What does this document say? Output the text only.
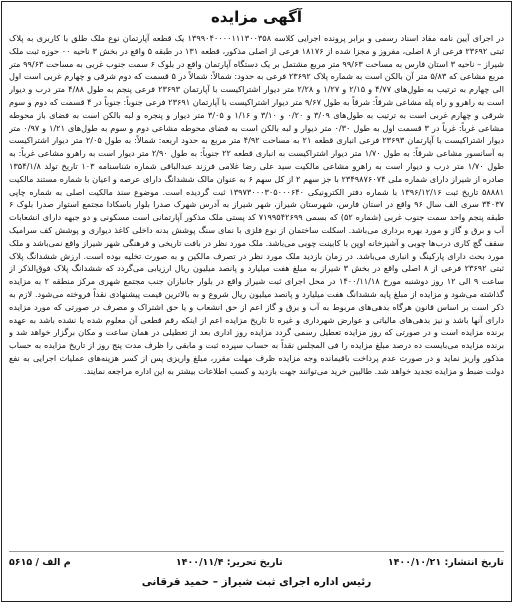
آگهی مزایده
در اجرای آیین نامه مفاد اسناد رسمی و برابر پرونده اجرایی کلاسه ۱۳۹۹۰۴۰۰۰۰۱۱۱۳۰۰۳۵۸ یک قطعه آپارتمان نوع ملک طلق با کاربری به پلاک ثبتی ۲۳۶۹۲ فرعی از ۸ اصلی، مفروز و مجزا شده از ۱۸۱۷۶ فرعی از اصلی مذکور، قطعه ۱۳۱ در طبقه ۵ واقع در بخش ۳ ناحیه ۰۰ حوزه ثبت ملک شیراز – ناحیه ۳ استان فارس به مساحت ۹۹/۶۳ متر مربع مشتمل بر یک دستگاه آپارتمان واقع در بلوک ۶ سمت جنوب غربی به مساحت ۹۹/۶۳ متر مربع مشاعی که ۵/۸۳ متر آن بالکن است به شماره پلاک ۲۳۶۹۲ فرعی به حدود: شمالاً: شمالاً در ۵ قسمت که دوم شرقی و چهارم غربی است اول الی چهارم به ترتیب به طول‌های ۴/۷۷ و ۲/۱۵ و ۱/۲۷ و ۲/۲۸ متر دیوار اشتراکیست با آپارتمان ۲۳۶۹۳ فرعی پنجم به طول ۴/۸۸ متر درب و دیوار است به راهرو و راه پله مشاعی شرقاً: شرقاً به طول ۹/۶۷ متر دیوار اشتراکیست با آپارتمان ۲۳۶۹۱ فرعی جنوباً: جنوباً در ۴ قسمت که دوم و سوم شرقی و چهارم غربی است به ترتیب به طول‌های ۳/۰۹ و ۰/۲۰ و ۳/۱۰ و ۱/۱۶ و ۳/۰۵ متر دیوار و پنجره و لبه بالکن است به فضای باز محوطه مشاعی غرباً: غرباً در ۳ قسمت اول به طول ۰/۳۰ متر دیوار و لبه بالکن است به فضای محوطه مشاعی دوم و سوم به طول‌های ۱/۲۱ و ۰/۹۷ متر دیوار اشتراکیست با آپارتمان ۲۳۶۹۳ فرعی انباری قطعه ۲۱ به مساحت ۴/۹۲ متر مربع به حدود اربعه: شمالاً: به طول ۲/۰۵ متر دیوار اشتراکیست به آسانسور مشاعی شرقاً: به طول ۱/۷۰ متر دیوار اشتراکیست به انباری قطعه ۲۲ جنوباً: به طول ۲/۹۰ متر دیوار است به راهرو مشاعی غرباً: به طول ۱/۷۰ متر درب و دیوار است به راهرو مشاعی مالکیت سید علی رضا غلامی فرزند عبدالباقی شماره شناسنامه ۱۰۳ تاریخ تولد ۱۳۵۴/۱/۸ صادره از شیراز دارای شماره ملی ۲۳۴۹۸۷۶۰۷۴ با جز سهم ۲ از کل سهم ۶ به عنوان مالک ششدانگ دارای عرصه و اعیان با شماره مستند مالکیت ۵۸۸۸۱ تاریخ ثبت ۱۳۹۶/۱۲/۱۶ با شماره دفتر الکترونیکی ۱۳۹۷۳۰۰۰۳۰۵۰۰۰۶۴۰ ثبت گردیده است. موضوع سند مالکیت اصلی به شماره چاپی ۳۴۰۳۷ سری الف سال ۹۶ واقع در استان فارس، شهرستان شیراز، شهر شیراز به آدرس شهرک صدرا بلوار باسکادا مجتمع استوار صدرا بلوک ۶ طبقه پنجم واحد سمت جنوب غربی (شماره ۵۲) که بسمی ۷۱۹۹۵۴۲۶۹۹ کد پستی ملک مذکور آپارتمانی است مسکونی و دو جبهه دارای انشعابات آب و برق و گاز و مورد بهره برداری می‌باشد. اسکلت ساختمان از نوع فلزی با نمای سنگ پوشش بدنه داخلی کاغذ دیواری و پوشش کف سرامیک سقف گچ کاری درب‌ها چوبی و آشپزخانه اوپن با کابینت چوبی می‌باشد. ملک مورد نظر در بافت تاریخی و فرهنگی شهر شیراز واقع نمی‌باشد و ملک مورد بحث دارای پارکینگ و انباری می‌باشد. در زمان بازدید ملک مورد نظر در تصرف مالکین و به صورت تخلیه بوده است. ارزش ششدانگ پلاک ثبتی ۲۳۶۹۲ فرعی از ۸ اصلی واقع در بخش ۳ شیراز به مبلغ هفت میلیارد و پانصد میلیون ریال ارزیابی می‌گردد که ششدانگ پلاک فوق‌الذکر از ساعت ۹ الی ۱۲ روز دوشنبه مورخ ۱۴۰۰/۱۱/۱۸ در محل اجرای ثبت شیراز واقع در بلوار جانبازان جنب مجتمع شهری مرکز منطقه ۲ به مزایده گذاشته می‌شود و مزایده از مبلغ پایه ششدانگ هفت میلیارد و پانصد میلیون ریال شروع و به بالاترین قیمت پیشنهادی نقداً فروخته می‌شود. لازم به ذکر است بر اساس قانون هرگاه بدهی‌های مربوط به آب و برق و گاز اعم از حق انشعاب و یا حق اشتراک و مصرف در صورتی که مورد مزایده دارای آنها باشد و نیز بدهی‌های مالیاتی و عوارض شهرداری و غیره تا تاریخ مزایده اعم از اینکه رقم قطعی آن معلوم شده یا نشده باشد به عهده برنده مزایده است و در صورتی که روز مزایده تعطیل رسمی گردد مزایده روز اداری بعد از تعطیلی در همان ساعت و مکان برگزار خواهد شد و برنده مزایده می‌بایست ده درصد مبلغ مزایده را فی المجلس نقداً به حساب سپرده ثبت و مابقی را ظرف مدت پنج روز از تاریخ مزایده به حساب مذکور واریز نماید و در صورت عدم پرداخت باقیمانده وجه مزایده ظرف مهلت مقرر، مبلغ واریزی پس از کسر هزینه‌های عملیات اجرایی به نفع دولت ضبط و مزایده تجدید خواهد شد. طالبین خرید می‌توانند جهت بازدید و کسب اطلاعات بیشتر به این اداره مراجعه نمایند.
تاریخ انتشار: ۱۴۰۰/۱۰/۲۱
تاریخ تحریر: ۱۴۰۰/۱۱/۴
۵۶۱۵ / م الف
رئیس اداره اجرای ثبت شیراز – حمید قرقانی
